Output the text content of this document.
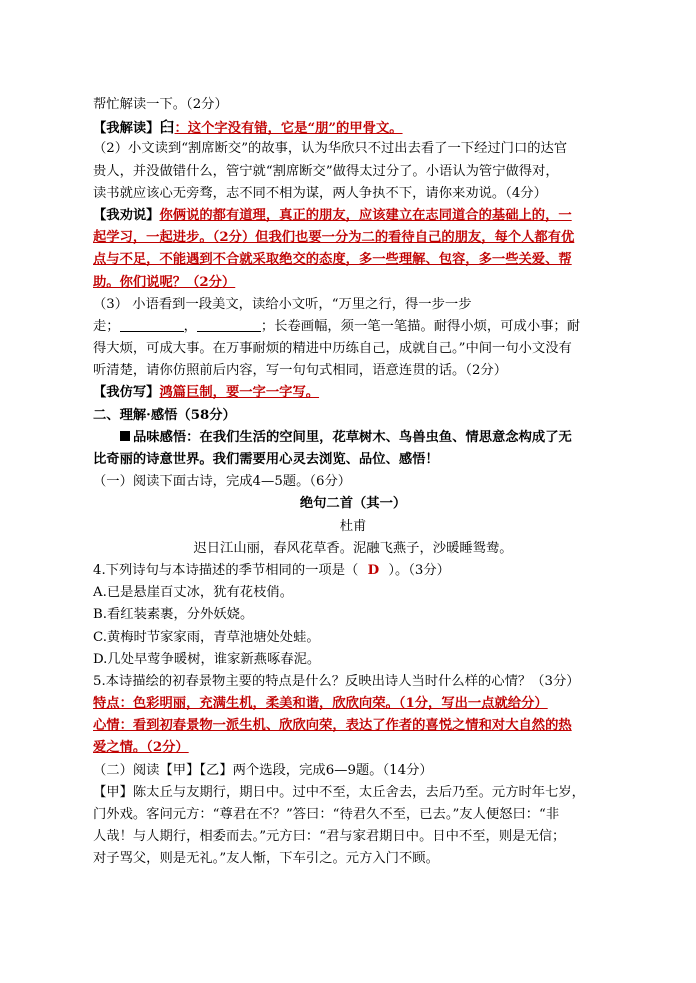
帮忙解读一下。（2分）
【我解读】𦥑：这个字没有错，它是“朋”的甲骨文。
（2）小文读到“割席断交”的故事，认为华欣只不过出去看了一下经过门口的达官
贵人，并没做错什么，管宁就“割席断交”做得太过分了。小语认为管宁做得对，
读书就应该心无旁骛，志不同不相为谋，两人争执不下，请你来劝说。（4分）
【我劝说】你俩说的都有道理，真正的朋友，应该建立在志同道合的基础上的，一
起学习，一起进步。（2分）但我们也要一分为二的看待自己的朋友，每个人都有优
点与不足，不能遇到不合就采取绝交的态度，多一些理解、包容，多一些关爱、帮
助。你们说呢？（2分）
（3） 小语看到一段美文，读给小文听，“万里之行，得一步一步
走；	，	；长卷画幅，须一笔一笔描。耐得小烦，可成小事；耐
得大烦，可成大事。在万事耐烦的精进中历练自己，成就自己。”中间一句小文没有
听清楚，请你仿照前后内容，写一句句式相同，语意连贯的话。（2分）
【我仿写】鸿篇巨制，要一字一字写。
二、理解·感悟（58分）
品味感悟：在我们生活的空间里，花草树木、鸟兽虫鱼、情思意念构成了无
比奇丽的诗意世界。我们需要用心灵去浏览、品位、感悟！
（一）阅读下面古诗，完成4—5题。（6分）
绝句二首（其一）
杜甫
迟日江山丽，春风花草香。泥融飞燕子，沙暖睡鸳鸯。
4.下列诗句与本诗描述的季节相同的一项是（ D ）。（3分）
A.已是悬崖百丈冰，犹有花枝俏。
B.看红装素裹，分外妖娆。
C.黄梅时节家家雨，青草池塘处处蛙。
D.几处早莺争暖树，谁家新燕啄春泥。
5.本诗描绘的初春景物主要的特点是什么？反映出诗人当时什么样的心情？（3分）
特点：色彩明丽，充满生机，柔美和谐，欣欣向荣。（1分，写出一点就给分）
心情：看到初春景物一派生机、欣欣向荣，表达了作者的喜悦之情和对大自然的热
爱之情。（2分）
（二）阅读【甲】【乙】两个选段，完成6—9题。（14分）
【甲】陈太丘与友期行，期日中。过中不至，太丘舍去，去后乃至。元方时年七岁，
门外戏。客问元方：“尊君在不？”答曰：“待君久不至，已去。”友人便怒曰：“非
人哉！与人期行，相委而去。”元方曰：“君与家君期日中。日中不至，则是无信；
对子骂父，则是无礼。”友人惭，下车引之。元方入门不顾。
